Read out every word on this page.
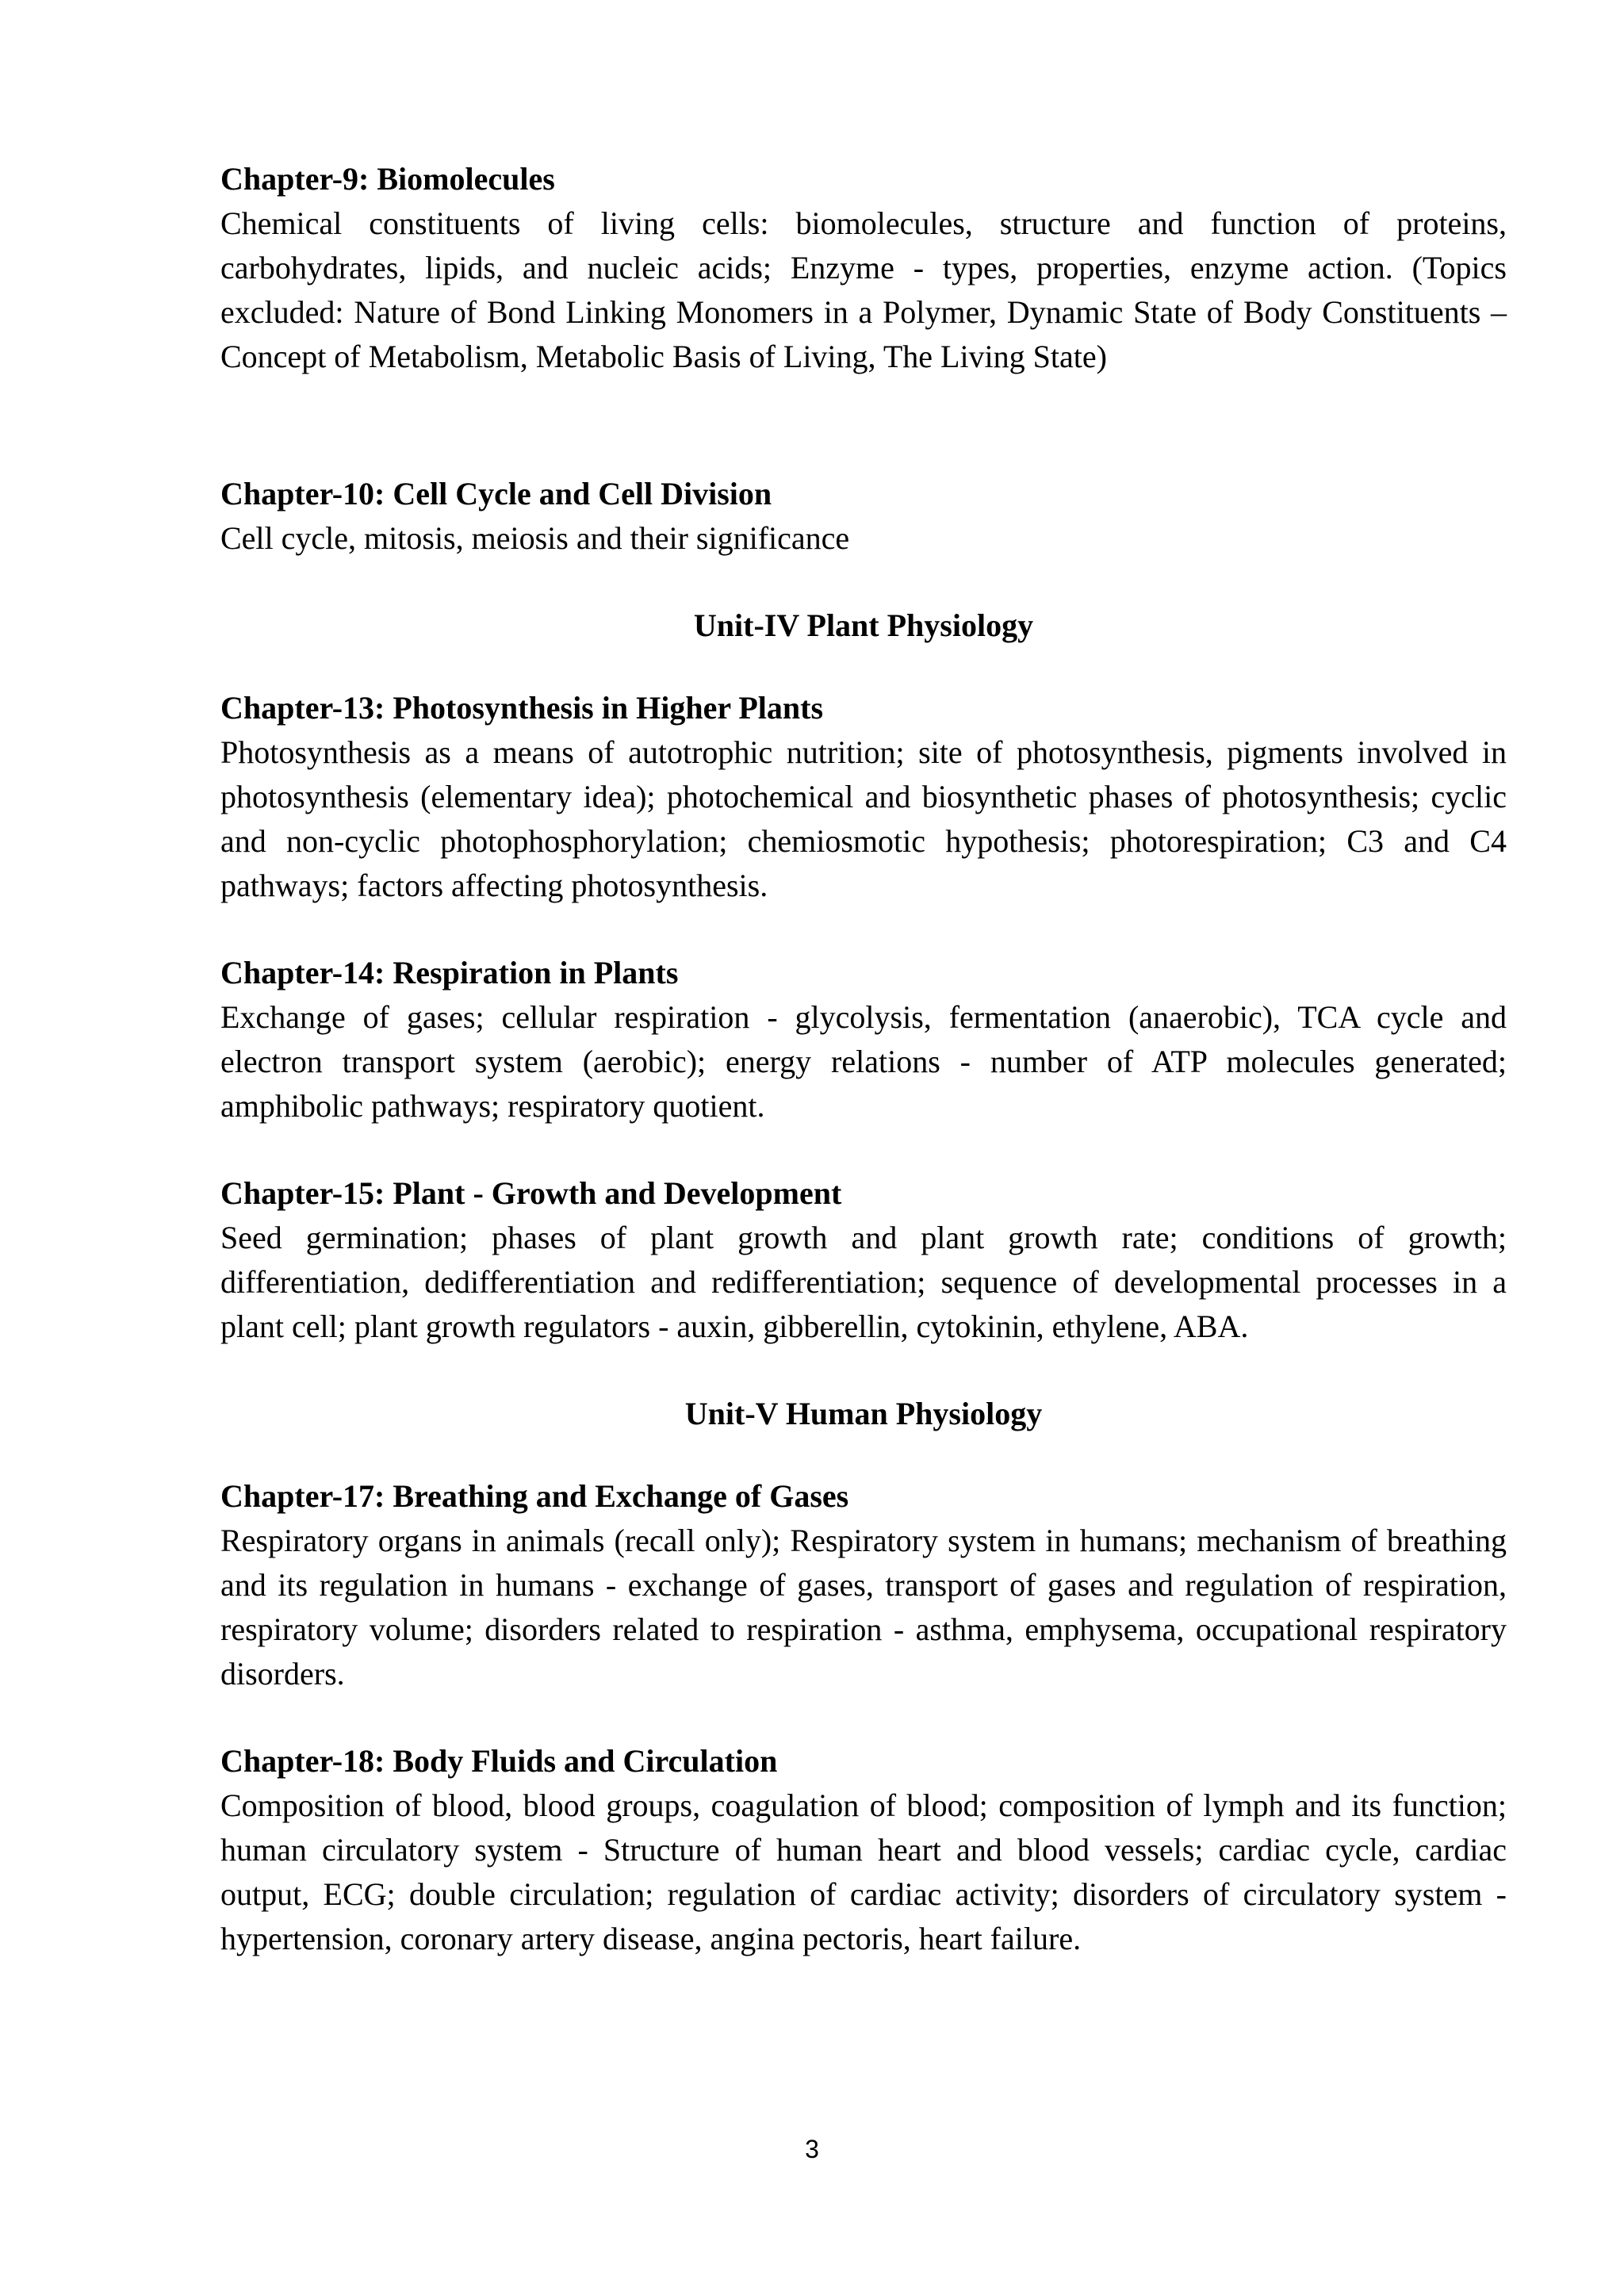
Chapter-9: Biomolecules

Chemical constituents of living cells: biomolecules, structure and function of proteins, carbohydrates, lipids, and nucleic acids; Enzyme - types, properties, enzyme action. (Topics excluded: Nature of Bond Linking Monomers in a Polymer, Dynamic State of Body Constituents – Concept of Metabolism, Metabolic Basis of Living, The Living State)

Chapter-10: Cell Cycle and Cell Division

Cell cycle, mitosis, meiosis and their significance

Unit-IV Plant Physiology

Chapter-13: Photosynthesis in Higher Plants

Photosynthesis as a means of autotrophic nutrition; site of photosynthesis, pigments involved in photosynthesis (elementary idea); photochemical and biosynthetic phases of photosynthesis; cyclic and non-cyclic photophosphorylation; chemiosmotic hypothesis; photorespiration; C3 and C4 pathways; factors affecting photosynthesis.

Chapter-14: Respiration in Plants

Exchange of gases; cellular respiration - glycolysis, fermentation (anaerobic), TCA cycle and electron transport system (aerobic); energy relations - number of ATP molecules generated; amphibolic pathways; respiratory quotient.

Chapter-15: Plant - Growth and Development

Seed germination; phases of plant growth and plant growth rate; conditions of growth; differentiation, dedifferentiation and redifferentiation; sequence of developmental processes in a plant cell; plant growth regulators - auxin, gibberellin, cytokinin, ethylene, ABA.

Unit-V Human Physiology

Chapter-17: Breathing and Exchange of Gases

Respiratory organs in animals (recall only); Respiratory system in humans; mechanism of breathing and its regulation in humans - exchange of gases, transport of gases and regulation of respiration, respiratory volume; disorders related to respiration - asthma, emphysema, occupational respiratory disorders.

Chapter-18: Body Fluids and Circulation

Composition of blood, blood groups, coagulation of blood; composition of lymph and its function; human circulatory system - Structure of human heart and blood vessels; cardiac cycle, cardiac output, ECG; double circulation; regulation of cardiac activity; disorders of circulatory system - hypertension, coronary artery disease, angina pectoris, heart failure.

3
